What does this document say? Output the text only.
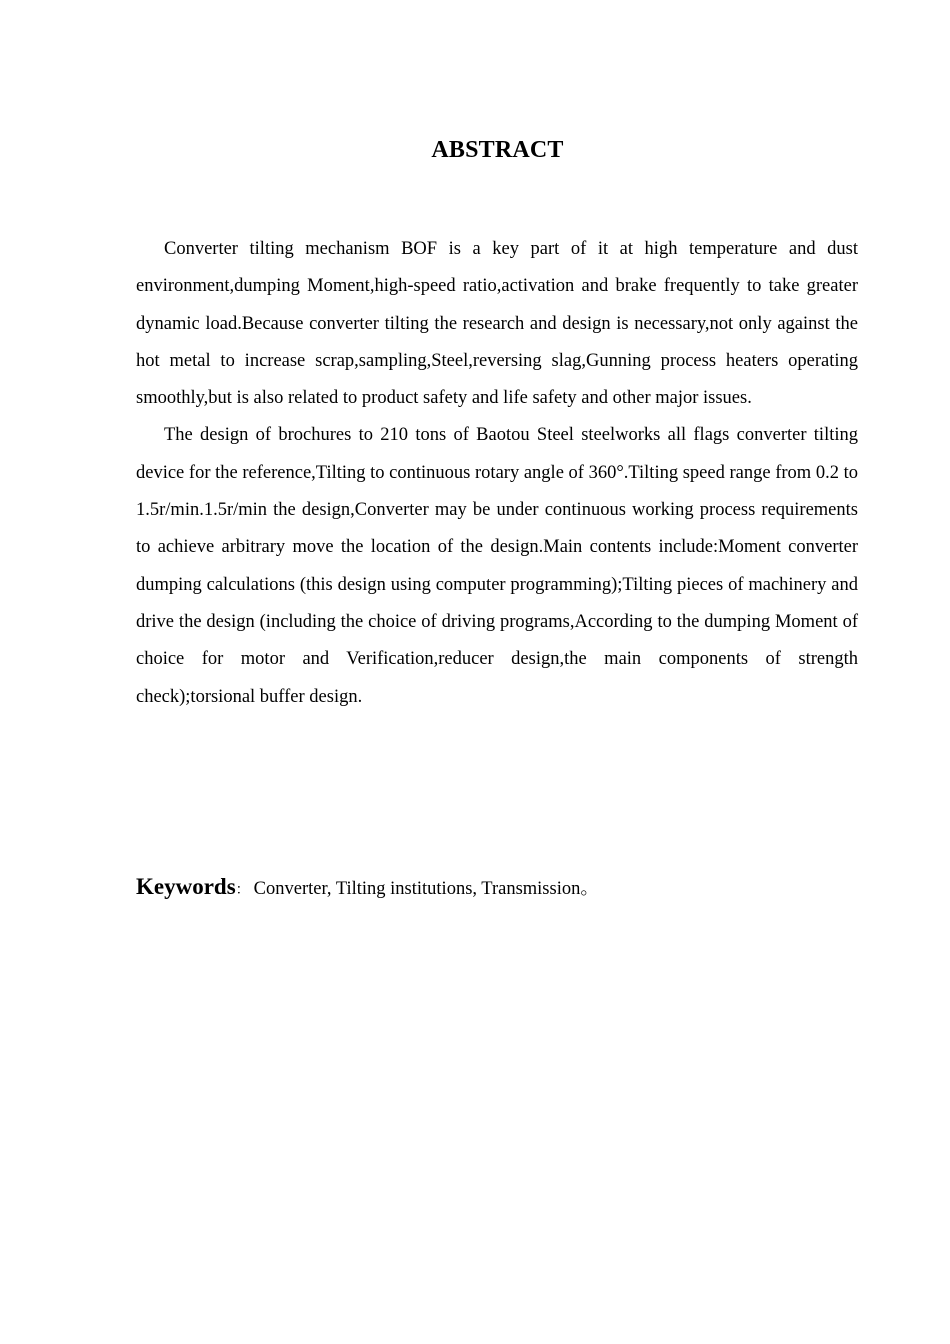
ABSTRACT

Converter tilting mechanism BOF is a key part of it at high temperature and dust environment,dumping Moment,high-speed ratio,activation and brake frequently to take greater dynamic load.Because converter tilting the research and design is necessary,not only against the hot metal to increase scrap,sampling,Steel,reversing slag,Gunning process heaters operating smoothly,but is also related to product safety and life safety and other major issues.

The design of brochures to 210 tons of Baotou Steel steelworks all flags converter tilting device for the reference,Tilting to continuous rotary angle of 360°.Tilting speed range from 0.2 to 1.5r/min.1.5r/min the design,Converter may be under continuous working process requirements to achieve arbitrary move the location of the design.Main contents include:Moment converter dumping calculations (this design using computer programming);Tilting pieces of machinery and drive the design (including the choice of driving programs,According to the dumping Moment of choice for motor and Verification,reducer design,the main components of strength check);torsional buffer design.

Keywords： Converter, Tilting institutions, Transmission。
